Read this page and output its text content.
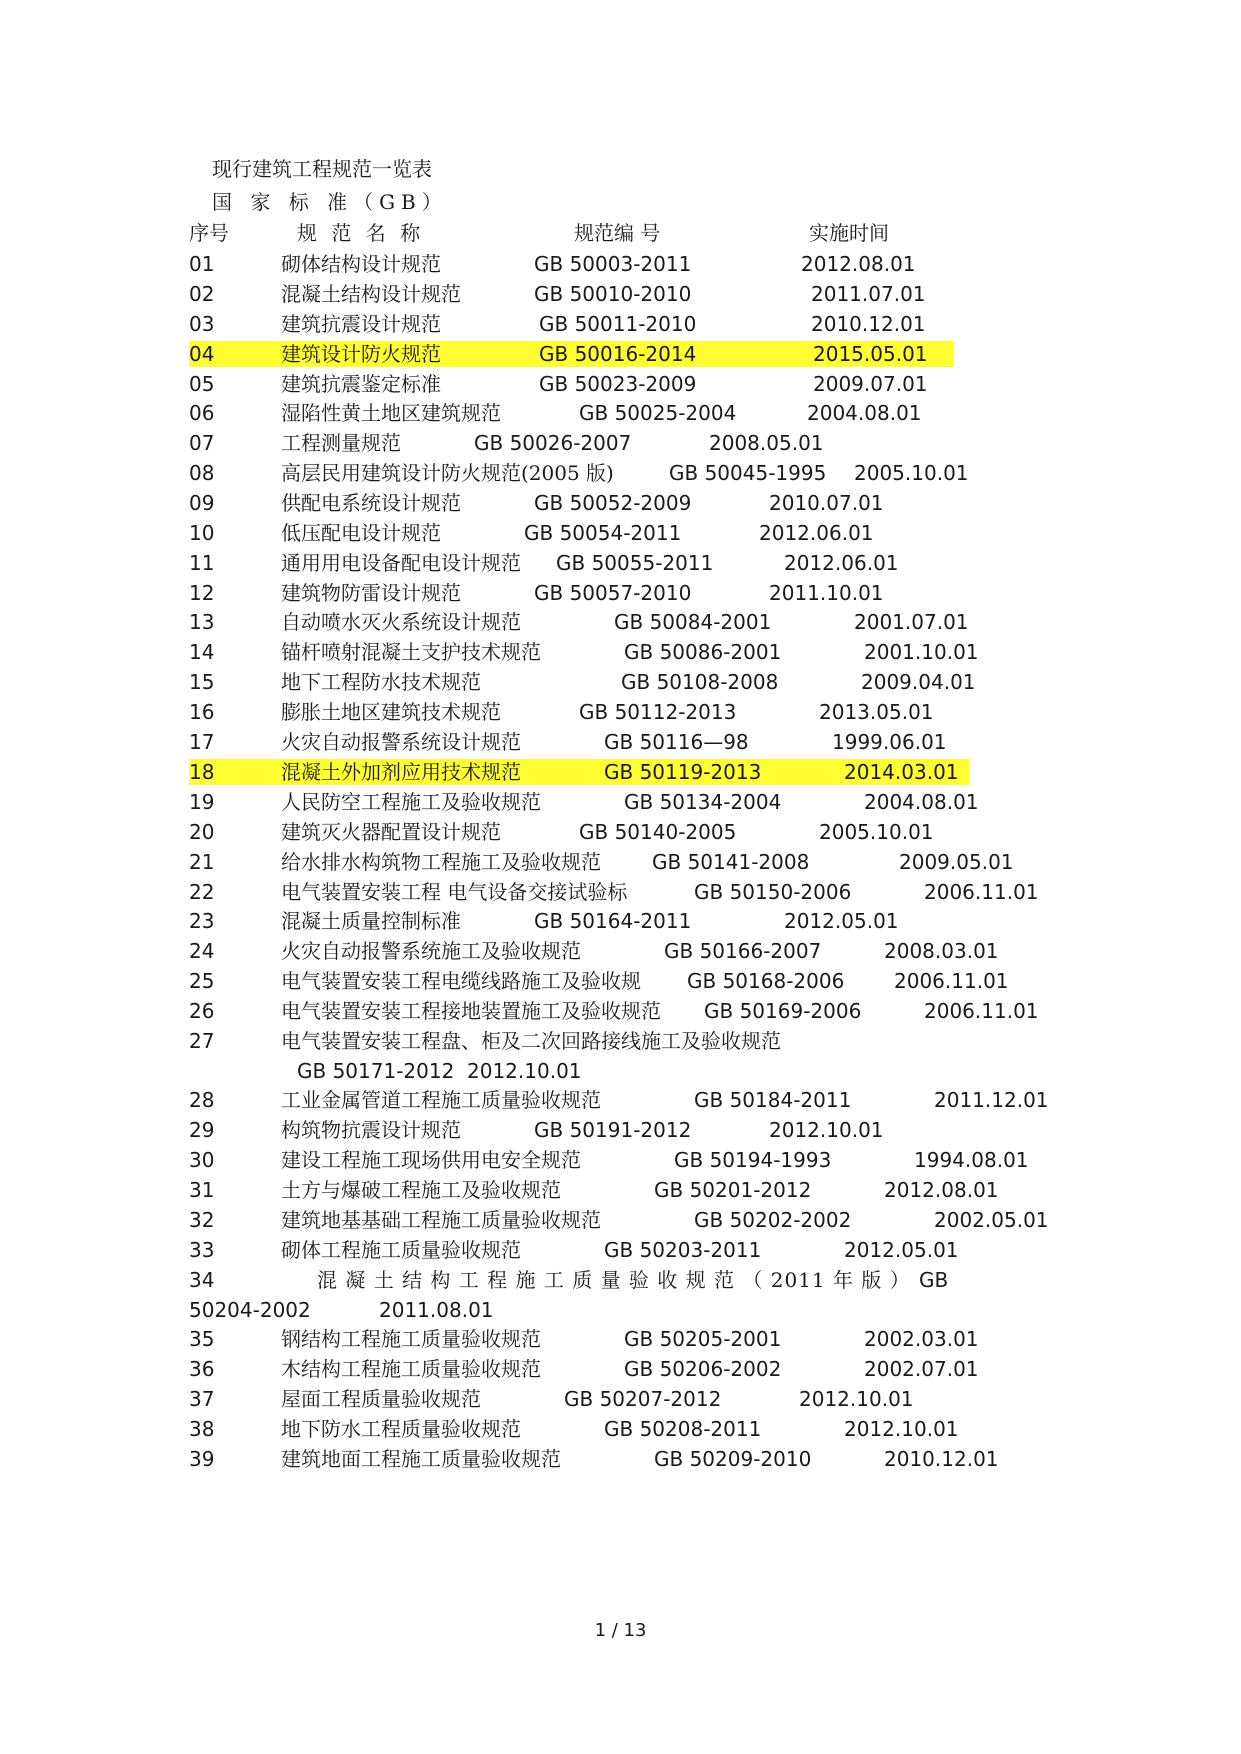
现行建筑工程规范一览表
国 家 标 准（GB）
序号	规 范 名 称	规范编 号	实施时间
01	砌体结构设计规范	GB 50003-2011	2012.08.01
02	混凝土结构设计规范	GB 50010-2010	2011.07.01
03	建筑抗震设计规范	GB 50011-2010	2010.12.01
04	建筑设计防火规范	GB 50016-2014	2015.05.01
05	建筑抗震鉴定标准	GB 50023-2009	2009.07.01
06	湿陷性黄土地区建筑规范	GB 50025-2004	2004.08.01
07	工程测量规范	GB 50026-2007	2008.05.01
08	高层民用建筑设计防火规范(2005 版)	GB 50045-1995 2005.10.01
09	供配电系统设计规范	GB 50052-2009	2010.07.01
10	低压配电设计规范	GB 50054-2011	2012.06.01
11	通用用电设备配电设计规范 GB 50055-2011	2012.06.01
12	建筑物防雷设计规范	GB 50057-2010	2011.10.01
13	自动喷水灭火系统设计规范	GB 50084-2001	2001.07.01
14	锚杆喷射混凝土支护技术规范	GB 50086-2001	2001.10.01
15	地下工程防水技术规范	GB 50108-2008	2009.04.01
16	膨胀土地区建筑技术规范	GB 50112-2013	2013.05.01
17	火灾自动报警系统设计规范	GB 50116—98	1999.06.01
18	混凝土外加剂应用技术规范	GB 50119-2013	2014.03.01
19	人民防空工程施工及验收规范	GB 50134-2004	2004.08.01
20	建筑灭火器配置设计规范	GB 50140-2005	2005.10.01
21	给水排水构筑物工程施工及验收规范	GB 50141-2008	2009.05.01
22	电气装置安装工程 电气设备交接试验标	GB 50150-2006	2006.11.01
23	混凝土质量控制标准	GB 50164-2011	2012.05.01
24	火灾自动报警系统施工及验收规范	GB 50166-2007	2008.03.01
25	电气装置安装工程电缆线路施工及验收规 GB 50168-2006 2006.11.01
26	电气装置安装工程接地装置施工及验收规范 GB 50169-2006	2006.11.01
27	电气装置安装工程盘、柜及二次回路接线施工及验收规范
GB 50171-2012 2012.10.01
28	工业金属管道工程施工质量验收规范	GB 50184-2011	2011.12.01
29	构筑物抗震设计规范	GB 50191-2012	2012.10.01
30	建设工程施工现场供用电安全规范	GB 50194-1993	1994.08.01
31	土方与爆破工程施工及验收规范	GB 50201-2012	2012.08.01
32	建筑地基基础工程施工质量验收规范	GB 50202-2002	2002.05.01
33	砌体工程施工质量验收规范	GB 50203-2011	2012.05.01
34	混 凝 土 结 构 工 程 施 工 质 量 验 收 规 范 （ 2011 年 版 ） GB
50204-2002	2011.08.01
35	钢结构工程施工质量验收规范	GB 50205-2001	2002.03.01
36	木结构工程施工质量验收规范	GB 50206-2002	2002.07.01
37	屋面工程质量验收规范	GB 50207-2012	2012.10.01
38	地下防水工程质量验收规范	GB 50208-2011	2012.10.01
39	建筑地面工程施工质量验收规范	GB 50209-2010	2010.12.01
1 / 13
